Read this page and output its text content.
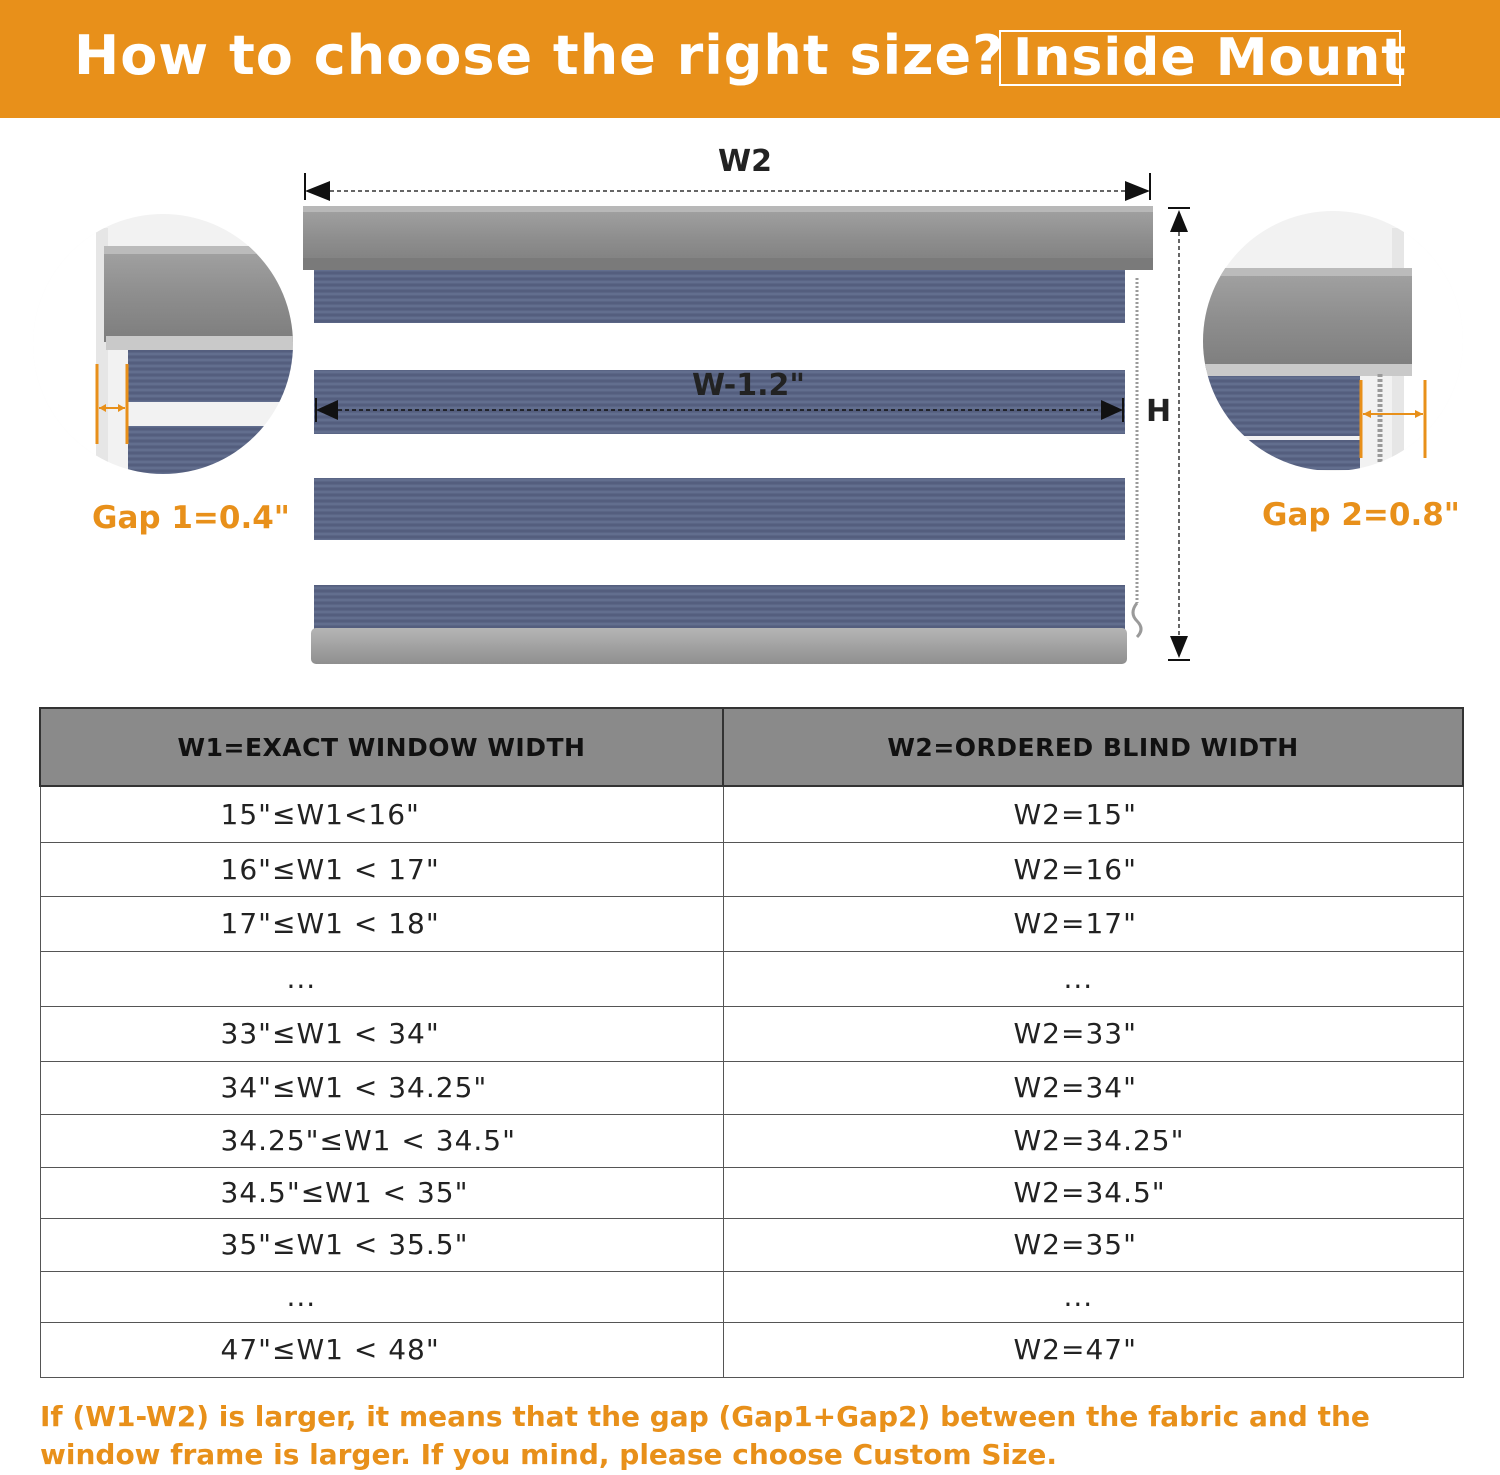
How to choose the right size? Inside Mount
W2
W-1.2"
H
Gap 1=0.4"	Gap 2=0.8"
W1=EXACT WINDOW WIDTH	W2=ORDERED BLIND WIDTH
15"≤W1<16"	W2=15"
16"≤W1 < 17"	W2=16"
17"≤W1 < 18"	W2=17"
...	...
33"≤W1 < 34"	W2=33"
34"≤W1 < 34.25"	W2=34"
34.25"≤W1 < 34.5"	W2=34.25"
34.5"≤W1 < 35"	W2=34.5"
35"≤W1 < 35.5"	W2=35"
...	...
47"≤W1 < 48"	W2=47"
If (W1-W2) is larger, it means that the gap (Gap1+Gap2) between the fabric and the window frame is larger. If you mind, please choose Custom Size.
